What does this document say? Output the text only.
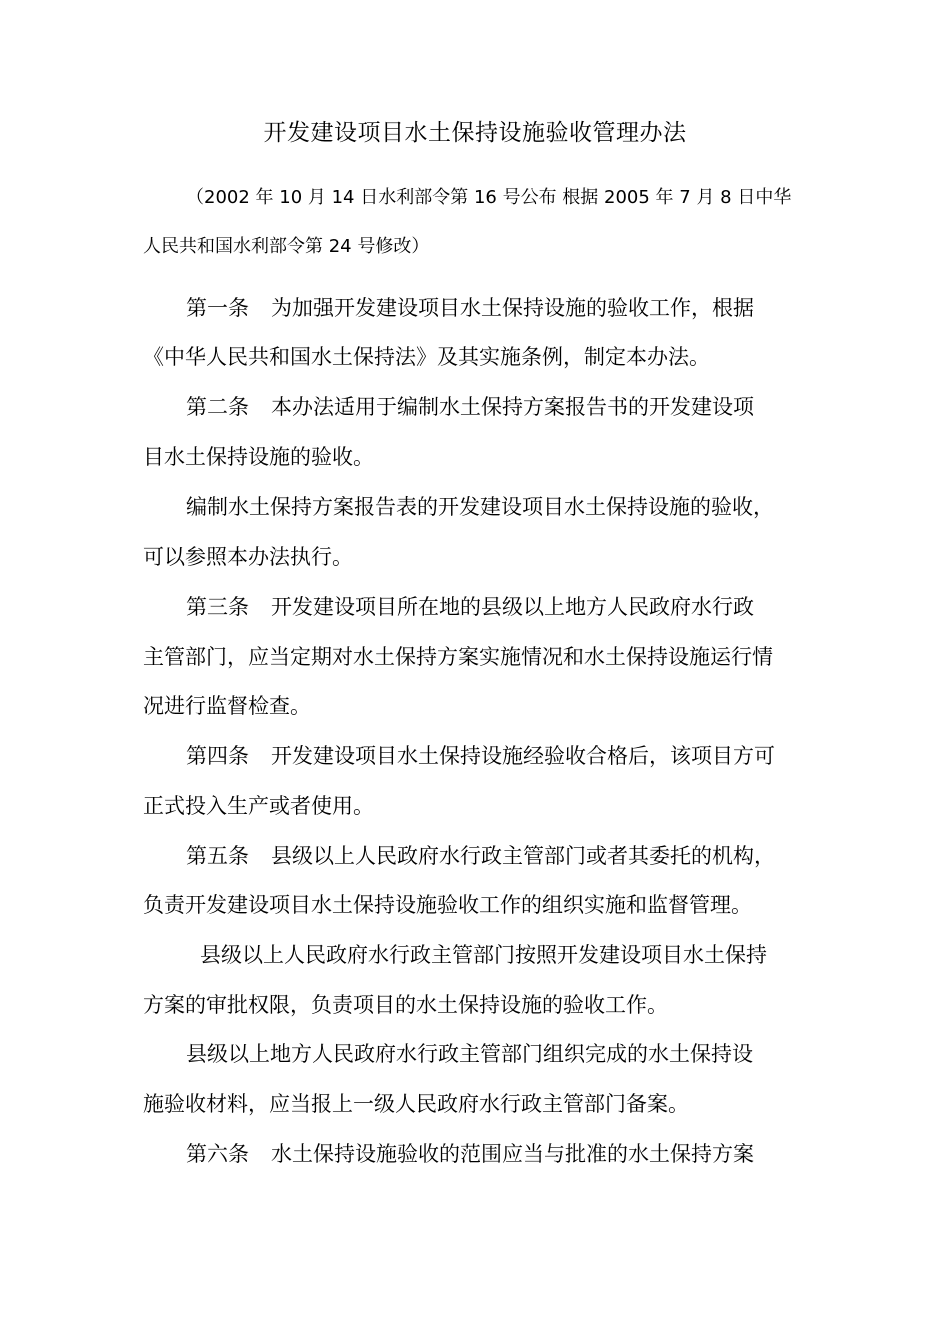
开发建设项目水土保持设施验收管理办法

（2002 年 10 月 14 日水利部令第 16 号公布 根据 2005 年 7 月 8 日中华

人民共和国水利部令第 24 号修改）

第一条 为加强开发建设项目水土保持设施的验收工作，根据

《中华人民共和国水土保持法》及其实施条例，制定本办法。

第二条 本办法适用于编制水土保持方案报告书的开发建设项

目水土保持设施的验收。

编制水土保持方案报告表的开发建设项目水土保持设施的验收，

可以参照本办法执行。

第三条 开发建设项目所在地的县级以上地方人民政府水行政

主管部门，应当定期对水土保持方案实施情况和水土保持设施运行情

况进行监督检查。

第四条 开发建设项目水土保持设施经验收合格后，该项目方可

正式投入生产或者使用。

第五条 县级以上人民政府水行政主管部门或者其委托的机构，

负责开发建设项目水土保持设施验收工作的组织实施和监督管理。

县级以上人民政府水行政主管部门按照开发建设项目水土保持

方案的审批权限，负责项目的水土保持设施的验收工作。

县级以上地方人民政府水行政主管部门组织完成的水土保持设

施验收材料，应当报上一级人民政府水行政主管部门备案。

第六条 水土保持设施验收的范围应当与批准的水土保持方案
